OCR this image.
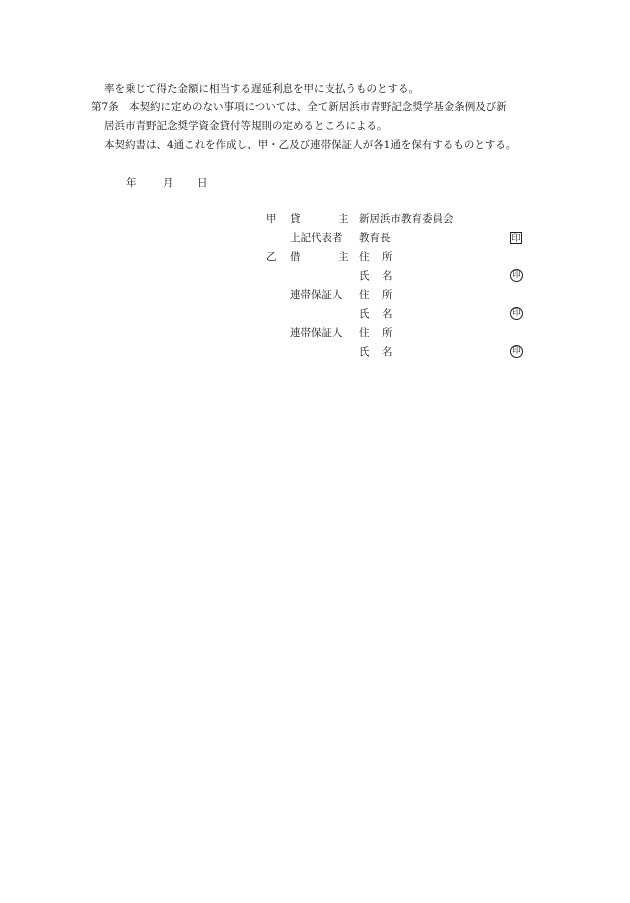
率を乗じて得た金額に相当する遅延利息を甲に支払うものとする。
第7条 本契約に定めのない事項については、全て新居浜市青野記念奨学基金条例及び新
居浜市青野記念奨学資金貸付等規則の定めるところによる。
本契約書は、4通これを作成し、甲・乙及び連帯保証人が各1通を保有するものとする。
年	月 日
甲 貸	主 新居浜市教育委員会
上記代表者 教育長	印
乙 借	主 住 所
氏 名	印
連帯保証人 住 所
氏 名	印
連帯保証人 住 所
氏 名	印
